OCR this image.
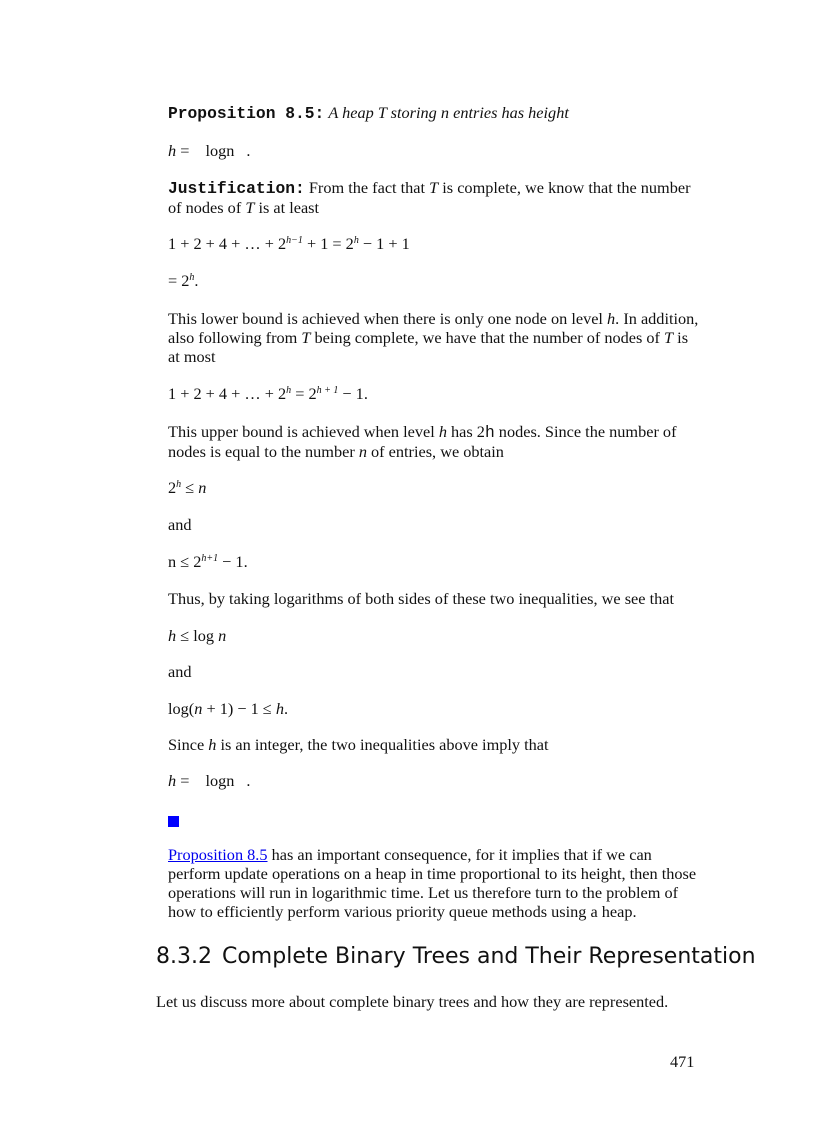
Proposition 8.5: A heap T storing n entries has height
h = logn .
Justification: From the fact that T is complete, we know that the number of nodes of T is at least
1 + 2 + 4 + … + $2^{h-1} + 1 = 2^h - 1 + 1$
= $2^h$.
This lower bound is achieved when there is only one node on level h. In addition, also following from T being complete, we have that the number of nodes of T is at most
1 + 2 + 4 + … + $2^h = 2^{h + 1} - 1$.
This upper bound is achieved when level h has 2h nodes. Since the number of nodes is equal to the number n of entries, we obtain
$2^h \le n$
and
$n \le 2^{h+1} - 1$.
Thus, by taking logarithms of both sides of these two inequalities, we see that
h ≤ log n
and
log(n + 1) − 1 ≤ h.
Since h is an integer, the two inequalities above imply that
h = logn .
Proposition 8.5 has an important consequence, for it implies that if we can perform update operations on a heap in time proportional to its height, then those operations will run in logarithmic time. Let us therefore turn to the problem of how to efficiently perform various priority queue methods using a heap.
8.3.2 Complete Binary Trees and Their Representation
Let us discuss more about complete binary trees and how they are represented.
471
